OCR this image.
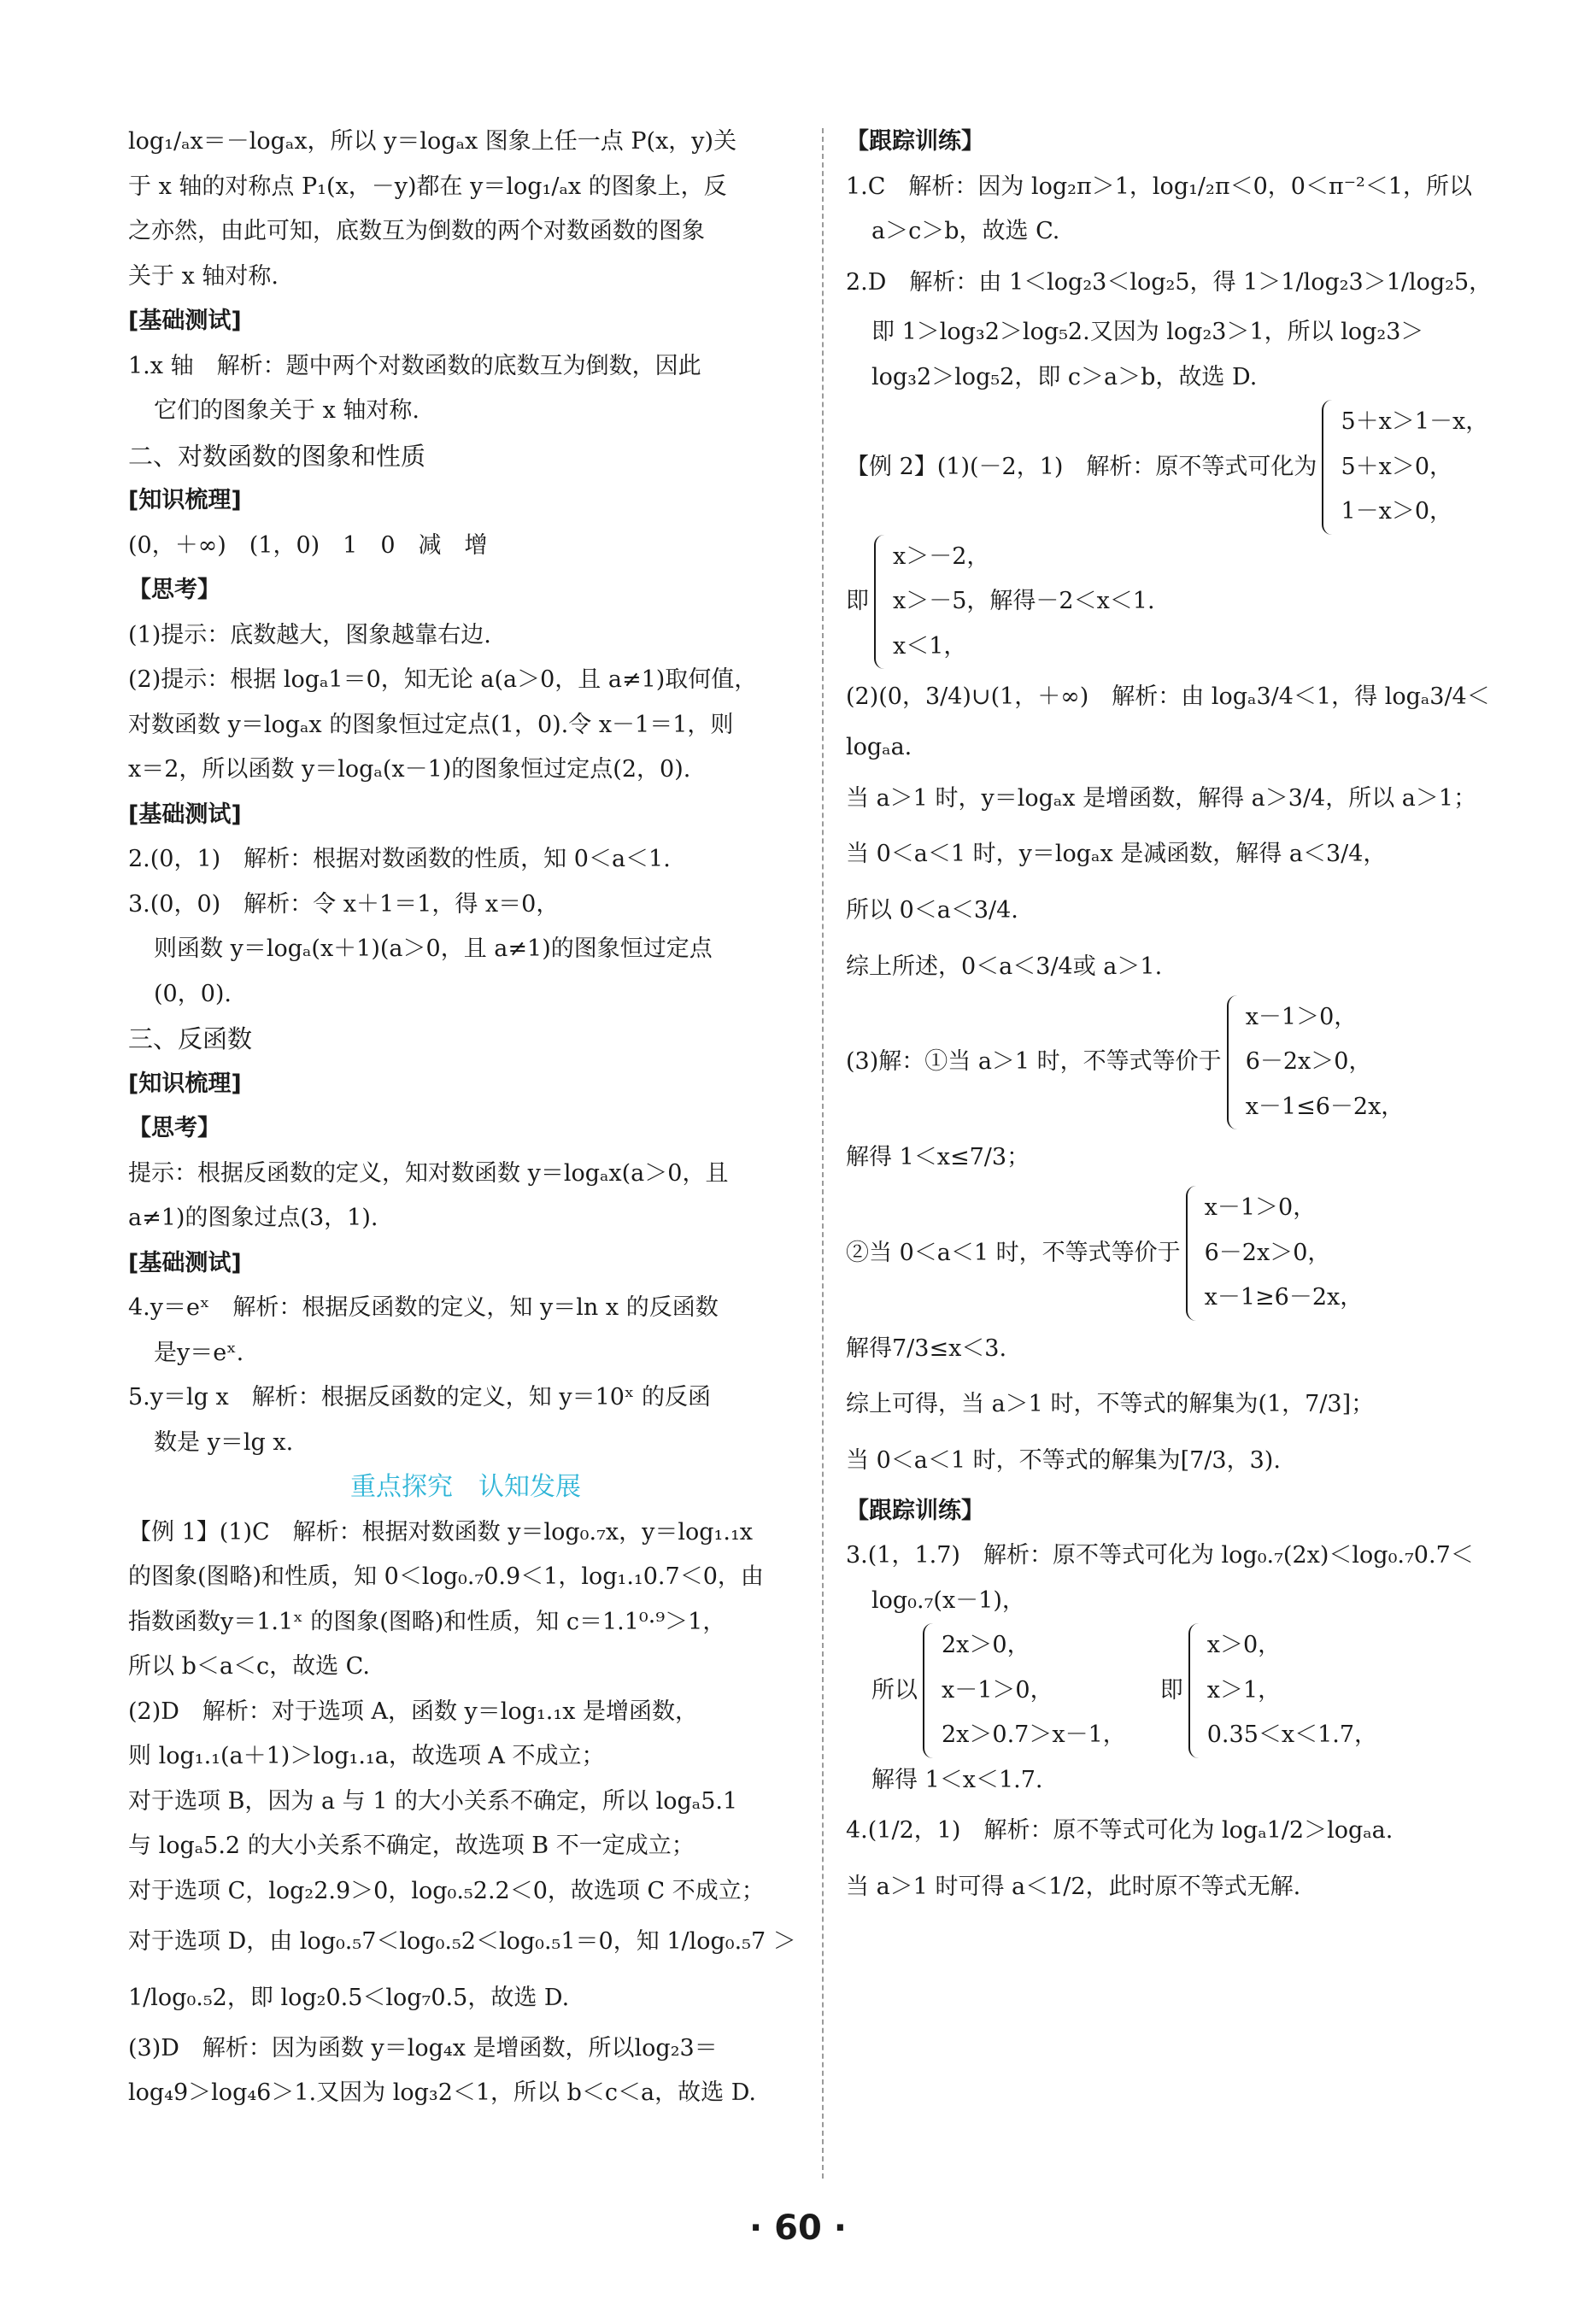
log₁/ₐx＝－logₐx，所以 y＝logₐx 图象上任一点 P(x，y)关
于 x 轴的对称点 P₁(x，－y)都在 y＝log₁/ₐx 的图象上，反
之亦然，由此可知，底数互为倒数的两个对数函数的图象
关于 x 轴对称.
[基础测试]
1.x 轴　解析：题中两个对数函数的底数互为倒数，因此
它们的图象关于 x 轴对称.
二、对数函数的图象和性质
[知识梳理]
(0，＋∞)　(1，0)　1　0　减　增
【思考】
(1)提示：底数越大，图象越靠右边.
(2)提示：根据 logₐ1＝0，知无论 a(a＞0，且 a≠1)取何值，
对数函数 y＝logₐx 的图象恒过定点(1，0).令 x－1＝1，则
x＝2，所以函数 y＝logₐ(x－1)的图象恒过定点(2，0).
[基础测试]
2.(0，1)　解析：根据对数函数的性质，知 0＜a＜1.
3.(0，0)　解析：令 x＋1＝1，得 x＝0，
则函数 y＝logₐ(x＋1)(a＞0，且 a≠1)的图象恒过定点
(0，0).
三、反函数
[知识梳理]
【思考】
提示：根据反函数的定义，知对数函数 y＝logₐx(a＞0，且
a≠1)的图象过点(3，1).
[基础测试]
4.y＝eˣ　解析：根据反函数的定义，知 y＝ln x 的反函数
是y＝eˣ.
5.y＝lg x　解析：根据反函数的定义，知 y＝10ˣ 的反函
数是 y＝lg x.
重点探究　认知发展
【例 1】(1)C　解析：根据对数函数 y＝log₀.₇x，y＝log₁.₁x
的图象(图略)和性质，知 0＜log₀.₇0.9＜1，log₁.₁0.7＜0，由
指数函数y＝1.1ˣ 的图象(图略)和性质，知 c＝1.1⁰·⁹＞1，
所以 b＜a＜c，故选 C.
(2)D　解析：对于选项 A，函数 y＝log₁.₁x 是增函数，
则 log₁.₁(a＋1)＞log₁.₁a，故选项 A 不成立；
对于选项 B，因为 a 与 1 的大小关系不确定，所以 logₐ5.1
与 logₐ5.2 的大小关系不确定，故选项 B 不一定成立；
对于选项 C，log₂2.9＞0，log₀.₅2.2＜0，故选项 C 不成立；
对于选项 D，由 log₀.₅7＜log₀.₅2＜log₀.₅1＝0，知 1/log₀.₅7 ＞
1/log₀.₅2，即 log₂0.5＜log₇0.5，故选 D.
(3)D　解析：因为函数 y＝log₄x 是增函数，所以log₂3＝
log₄9＞log₄6＞1.又因为 log₃2＜1，所以 b＜c＜a，故选 D.
【跟踪训练】
1.C　解析：因为 log₂π＞1，log₁/₂π＜0，0＜π⁻²＜1，所以
a＞c＞b，故选 C.
2.D　解析：由 1＜log₂3＜log₂5，得 1＞1/log₂3＞1/log₂5，
即 1＞log₃2＞log₅2.又因为 log₂3＞1，所以 log₂3＞
log₃2＞log₅2，即 c＞a＞b，故选 D.
【例 2】(1)(－2，1)　解析：原不等式可化为
5＋x＞1－x，
5＋x＞0，
1－x＞0，
即
x＞－2，
x＞－5，解得－2＜x＜1.
x＜1，
(2)(0，3/4)∪(1，＋∞)　解析：由 logₐ3/4＜1，得 logₐ3/4＜
logₐa.
当 a＞1 时，y＝logₐx 是增函数，解得 a＞3/4，所以 a＞1；
当 0＜a＜1 时，y＝logₐx 是减函数，解得 a＜3/4，
所以 0＜a＜3/4.
综上所述，0＜a＜3/4或 a＞1.
(3)解：①当 a＞1 时，不等式等价于
x－1＞0，
6－2x＞0，
x－1≤6－2x，
解得 1＜x≤7/3；
②当 0＜a＜1 时，不等式等价于
x－1＞0，
6－2x＞0，
x－1≥6－2x，
解得7/3≤x＜3.
综上可得，当 a＞1 时，不等式的解集为(1，7/3]；
当 0＜a＜1 时，不等式的解集为[7/3，3).
【跟踪训练】
3.(1，1.7)　解析：原不等式可化为 log₀.₇(2x)＜log₀.₇0.7＜
log₀.₇(x－1)，
所以
2x＞0，
x－1＞0，
2x＞0.7＞x－1，
即
x＞0，
x＞1，
0.35＜x＜1.7，
解得 1＜x＜1.7.
4.(1/2，1)　解析：原不等式可化为 logₐ1/2＞logₐa.
当 a＞1 时可得 a＜1/2，此时原不等式无解.
· 60 ·
